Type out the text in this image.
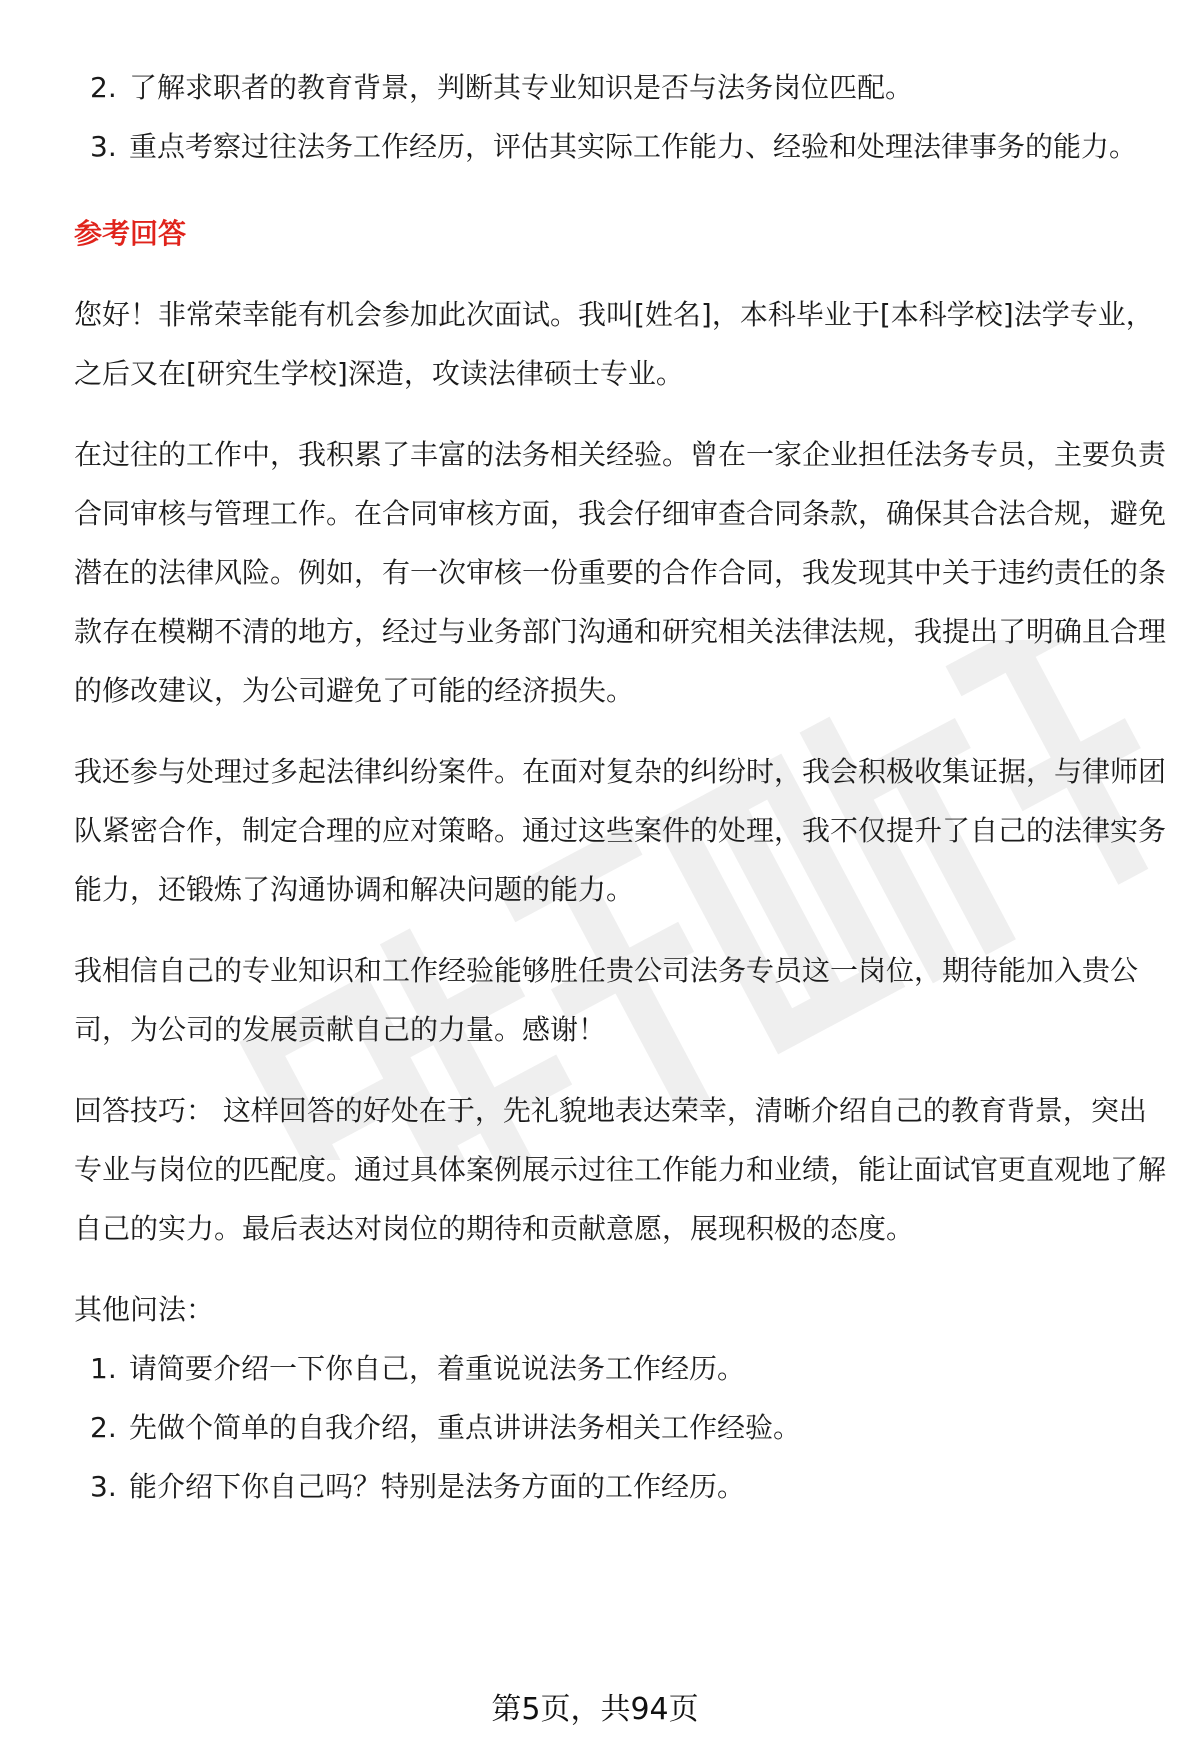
2. 了解求职者的教育背景，判断其专业知识是否与法务岗位匹配。
3. 重点考察过往法务工作经历，评估其实际工作能力、经验和处理法律事务的能力。
参考回答

您好！非常荣幸能有机会参加此次面试。我叫[姓名]，本科毕业于[本科学校]法学专业，之后又在[研究生学校]深造，攻读法律硕士专业。

在过往的工作中，我积累了丰富的法务相关经验。曾在一家企业担任法务专员，主要负责合同审核与管理工作。在合同审核方面，我会仔细审查合同条款，确保其合法合规，避免潜在的法律风险。例如，有一次审核一份重要的合作合同，我发现其中关于违约责任的条款存在模糊不清的地方，经过与业务部门沟通和研究相关法律法规，我提出了明确且合理的修改建议，为公司避免了可能的经济损失。

我还参与处理过多起法律纠纷案件。在面对复杂的纠纷时，我会积极收集证据，与律师团队紧密合作，制定合理的应对策略。通过这些案件的处理，我不仅提升了自己的法律实务能力，还锻炼了沟通协调和解决问题的能力。

我相信自己的专业知识和工作经验能够胜任贵公司法务专员这一岗位，期待能加入贵公司，为公司的发展贡献自己的力量。感谢！

回答技巧： 这样回答的好处在于，先礼貌地表达荣幸，清晰介绍自己的教育背景，突出专业与岗位的匹配度。通过具体案例展示过往工作能力和业绩，能让面试官更直观地了解自己的实力。最后表达对岗位的期待和贡献意愿，展现积极的态度。

其他问法：

1. 请简要介绍一下你自己，着重说说法务工作经历。
2. 先做个简单的自我介绍，重点讲讲法务相关工作经验。
3. 能介绍下你自己吗？特别是法务方面的工作经历。
第5页，共94页
